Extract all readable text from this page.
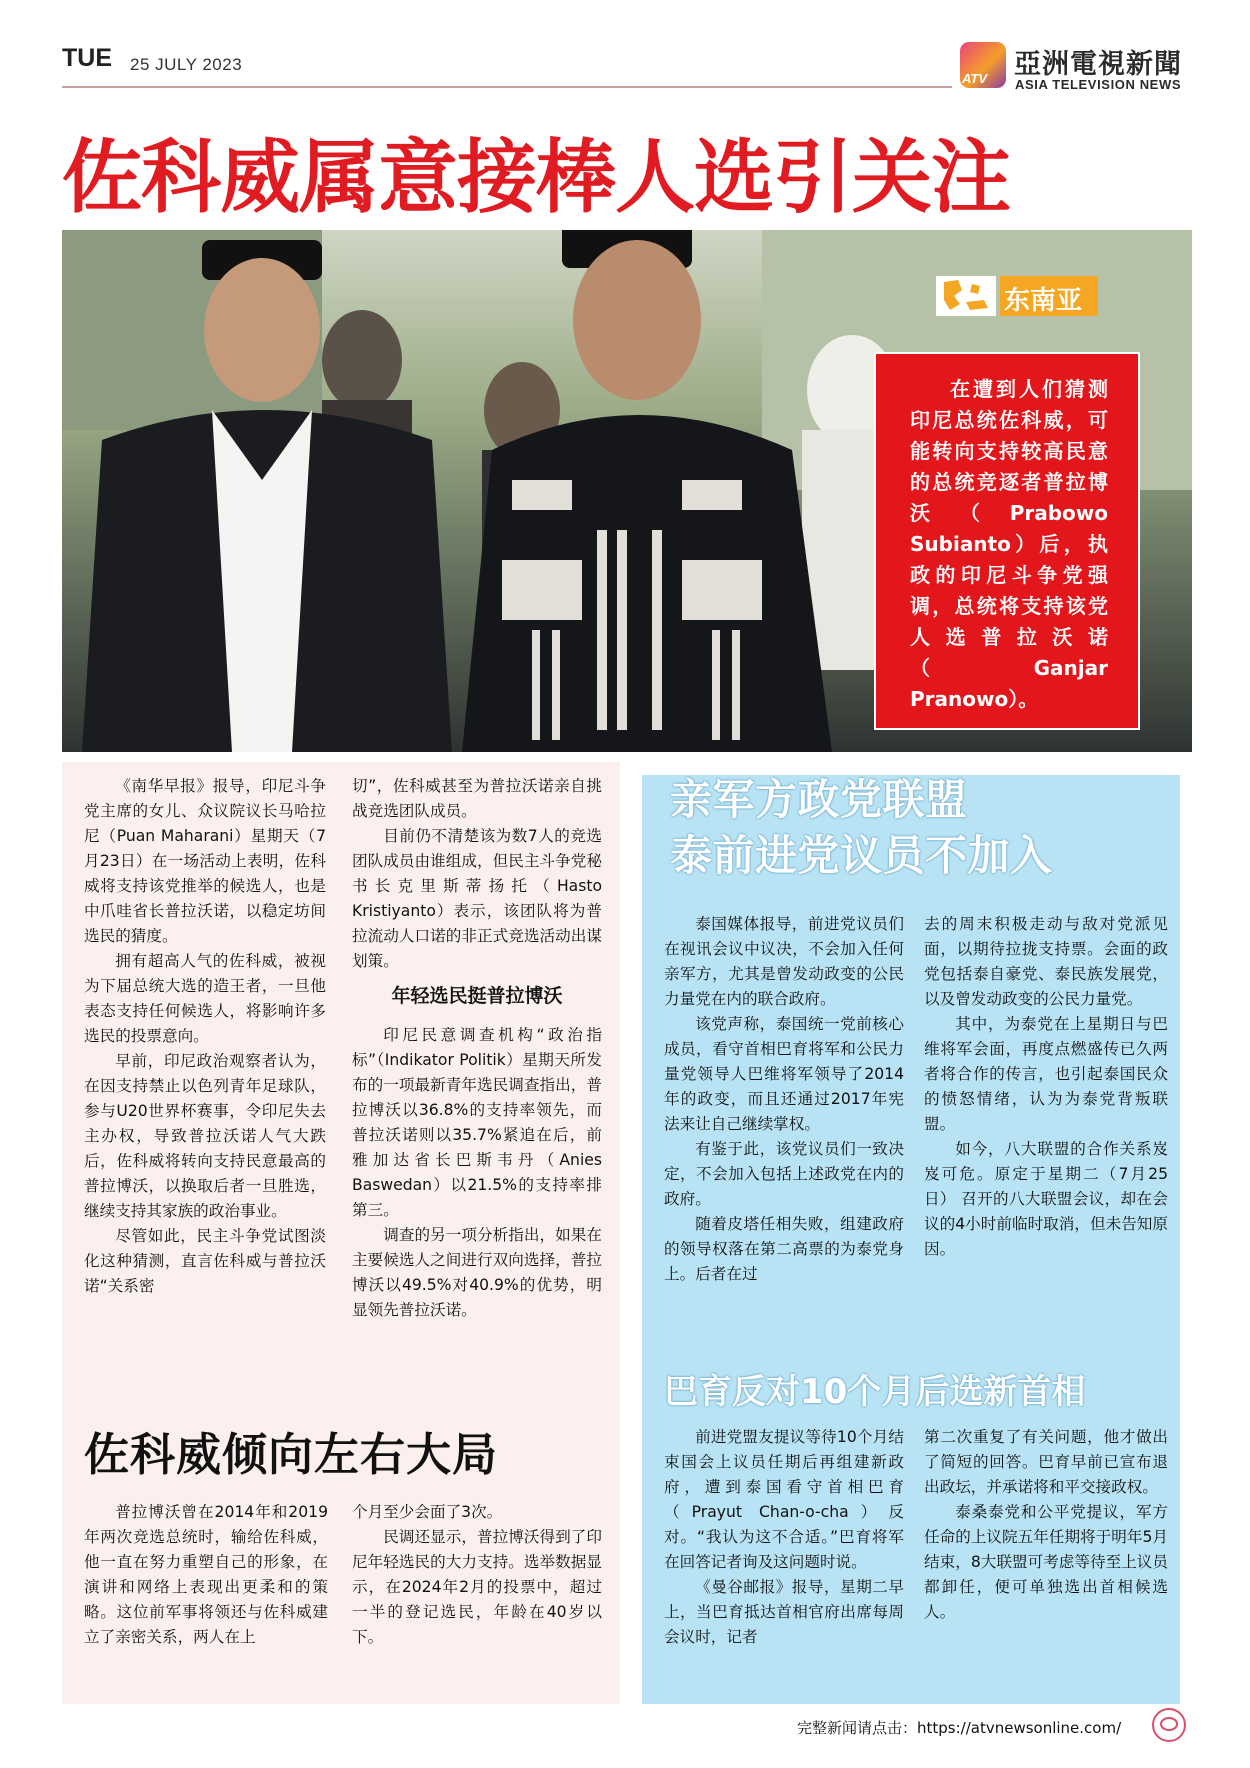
TUE 25 JULY 2023
ATV 亞洲電視新聞
ASIA TELEVISION NEWS
佐科威属意接棒人选引关注
东南亚
在遭到人们猜测印尼总统佐科威，可能转向支持较高民意的总统竞逐者普拉博沃（Prabowo Subianto）后，执政的印尼斗争党强调，总统将支持该党人选普拉沃诺（Ganjar Pranowo）。

《南华早报》报导，印尼斗争党主席的女儿、众议院议长马哈拉尼（Puan Maharani）星期天（7月23日）在一场活动上表明，佐科威将支持该党推举的候选人，也是中爪哇省长普拉沃诺，以稳定坊间选民的猜度。

拥有超高人气的佐科威，被视为下届总统大选的造王者，一旦他表态支持任何候选人，将影响许多选民的投票意向。

早前，印尼政治观察者认为，在因支持禁止以色列青年足球队，参与U20世界杯赛事，令印尼失去主办权，导致普拉沃诺人气大跌后，佐科威将转向支持民意最高的普拉博沃，以换取后者一旦胜选，继续支持其家族的政治事业。

尽管如此，民主斗争党试图淡化这种猜测，直言佐科威与普拉沃诺“关系密

切”，佐科威甚至为普拉沃诺亲自挑战竞选团队成员。

目前仍不清楚该为数7人的竞选团队成员由谁组成，但民主斗争党秘书长克里斯蒂扬托（Hasto Kristiyanto）表示，该团队将为普拉流动人口诺的非正式竞选活动出谋划策。

年轻选民挺普拉博沃

印尼民意调查机构“政治指标”（Indikator Politik）星期天所发布的一项最新青年选民调查指出，普拉博沃以36.8%的支持率领先，而普拉沃诺则以35.7%紧追在后，前雅加达省长巴斯韦丹（Anies Baswedan）以21.5%的支持率排第三。

调查的另一项分析指出，如果在主要候选人之间进行双向选择，普拉博沃以49.5%对40.9%的优势，明显领先普拉沃诺。

佐科威倾向左右大局

普拉博沃曾在2014年和2019年两次竞选总统时，输给佐科威，他一直在努力重塑自己的形象，在演讲和网络上表现出更柔和的策略。这位前军事将领还与佐科威建立了亲密关系，两人在上

个月至少会面了3次。

民调还显示，普拉博沃得到了印尼年轻选民的大力支持。选举数据显示，在2024年2月的投票中，超过一半的登记选民，年龄在40岁以下。

亲军方政党联盟
泰前进党议员不加入

泰国媒体报导，前进党议员们在视讯会议中议决，不会加入任何亲军方，尤其是曾发动政变的公民力量党在内的联合政府。

该党声称，泰国统一党前核心成员，看守首相巴育将军和公民力量党领导人巴维将军领导了2014年的政变，而且还通过2017年宪法来让自己继续掌权。

有鉴于此，该党议员们一致决定，不会加入包括上述政党在内的政府。

随着皮塔任相失败，组建政府的领导权落在第二高票的为泰党身上。后者在过

去的周末积极走动与敌对党派见面，以期待拉拢支持票。会面的政党包括泰自豪党、泰民族发展党，以及曾发动政变的公民力量党。

其中，为泰党在上星期日与巴维将军会面，再度点燃盛传已久两者将合作的传言，也引起泰国民众的愤怒情绪，认为为泰党背叛联盟。

如今，八大联盟的合作关系岌岌可危。原定于星期二（7月25日） 召开的八大联盟会议，却在会议的4小时前临时取消，但未告知原因。

巴育反对10个月后选新首相

前进党盟友提议等待10个月结束国会上议员任期后再组建新政府，遭到泰国看守首相巴育（Prayut Chan-o-cha）反对。“我认为这不合适。”巴育将军在回答记者询及这问题时说。

《曼谷邮报》报导，星期二早上，当巴育抵达首相官府出席每周会议时，记者

第二次重复了有关问题，他才做出了简短的回答。巴育早前已宣布退出政坛，并承诺将和平交接政权。

泰桑泰党和公平党提议，军方任命的上议院五年任期将于明年5月结束，8大联盟可考虑等待至上议员都卸任，便可单独选出首相候选人。

完整新闻请点击：https://atvnewsonline.com/
